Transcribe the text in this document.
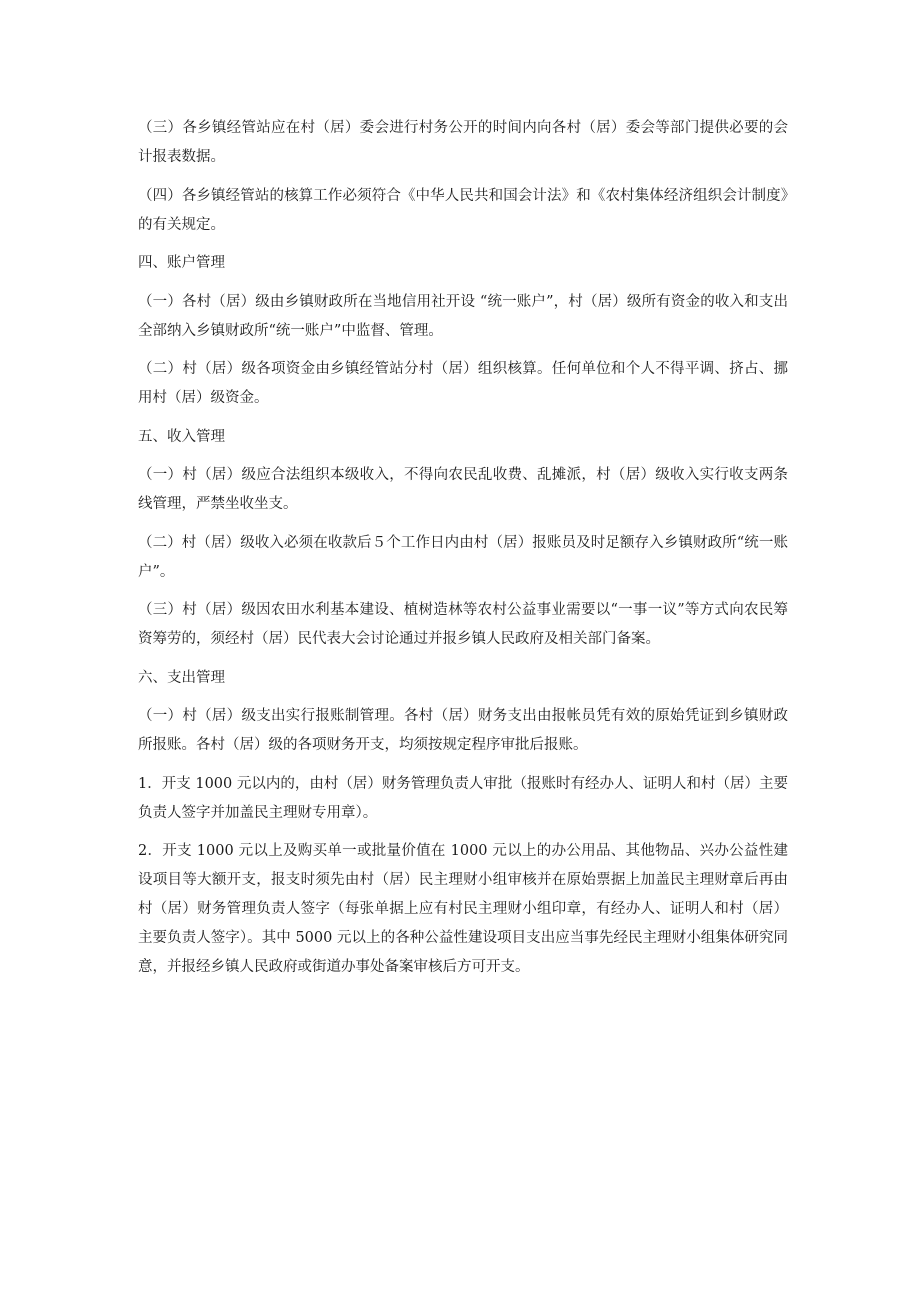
（三）各乡镇经管站应在村（居）委会进行村务公开的时间内向各村（居）委会等部门提供必要的会计报表数据。

（四）各乡镇经管站的核算工作必须符合《中华人民共和国会计法》和《农村集体经济组织会计制度》的有关规定。

四、账户管理

（一）各村（居）级由乡镇财政所在当地信用社开设 “统一账户”，村（居）级所有资金的收入和支出全部纳入乡镇财政所“统一账户”中监督、管理。

（二）村（居）级各项资金由乡镇经管站分村（居）组织核算。任何单位和个人不得平调、挤占、挪用村（居）级资金。

五、收入管理

（一）村（居）级应合法组织本级收入，不得向农民乱收费、乱摊派，村（居）级收入实行收支两条线管理，严禁坐收坐支。

（二）村（居）级收入必须在收款后５个工作日内由村（居）报账员及时足额存入乡镇财政所“统一账户”。

（三）村（居）级因农田水利基本建设、植树造林等农村公益事业需要以“一事一议”等方式向农民筹资筹劳的，须经村（居）民代表大会讨论通过并报乡镇人民政府及相关部门备案。

六、支出管理

（一）村（居）级支出实行报账制管理。各村（居）财务支出由报帐员凭有效的原始凭证到乡镇财政所报账。各村（居）级的各项财务开支，均须按规定程序审批后报账。

1．开支 1000 元以内的，由村（居）财务管理负责人审批（报账时有经办人、证明人和村（居）主要负责人签字并加盖民主理财专用章）。

2．开支 1000 元以上及购买单一或批量价值在 1000 元以上的办公用品、其他物品、兴办公益性建设项目等大额开支，报支时须先由村（居）民主理财小组审核并在原始票据上加盖民主理财章后再由村（居）财务管理负责人签字（每张单据上应有村民主理财小组印章，有经办人、证明人和村（居）主要负责人签字）。其中 5000 元以上的各种公益性建设项目支出应当事先经民主理财小组集体研究同意，并报经乡镇人民政府或街道办事处备案审核后方可开支。
